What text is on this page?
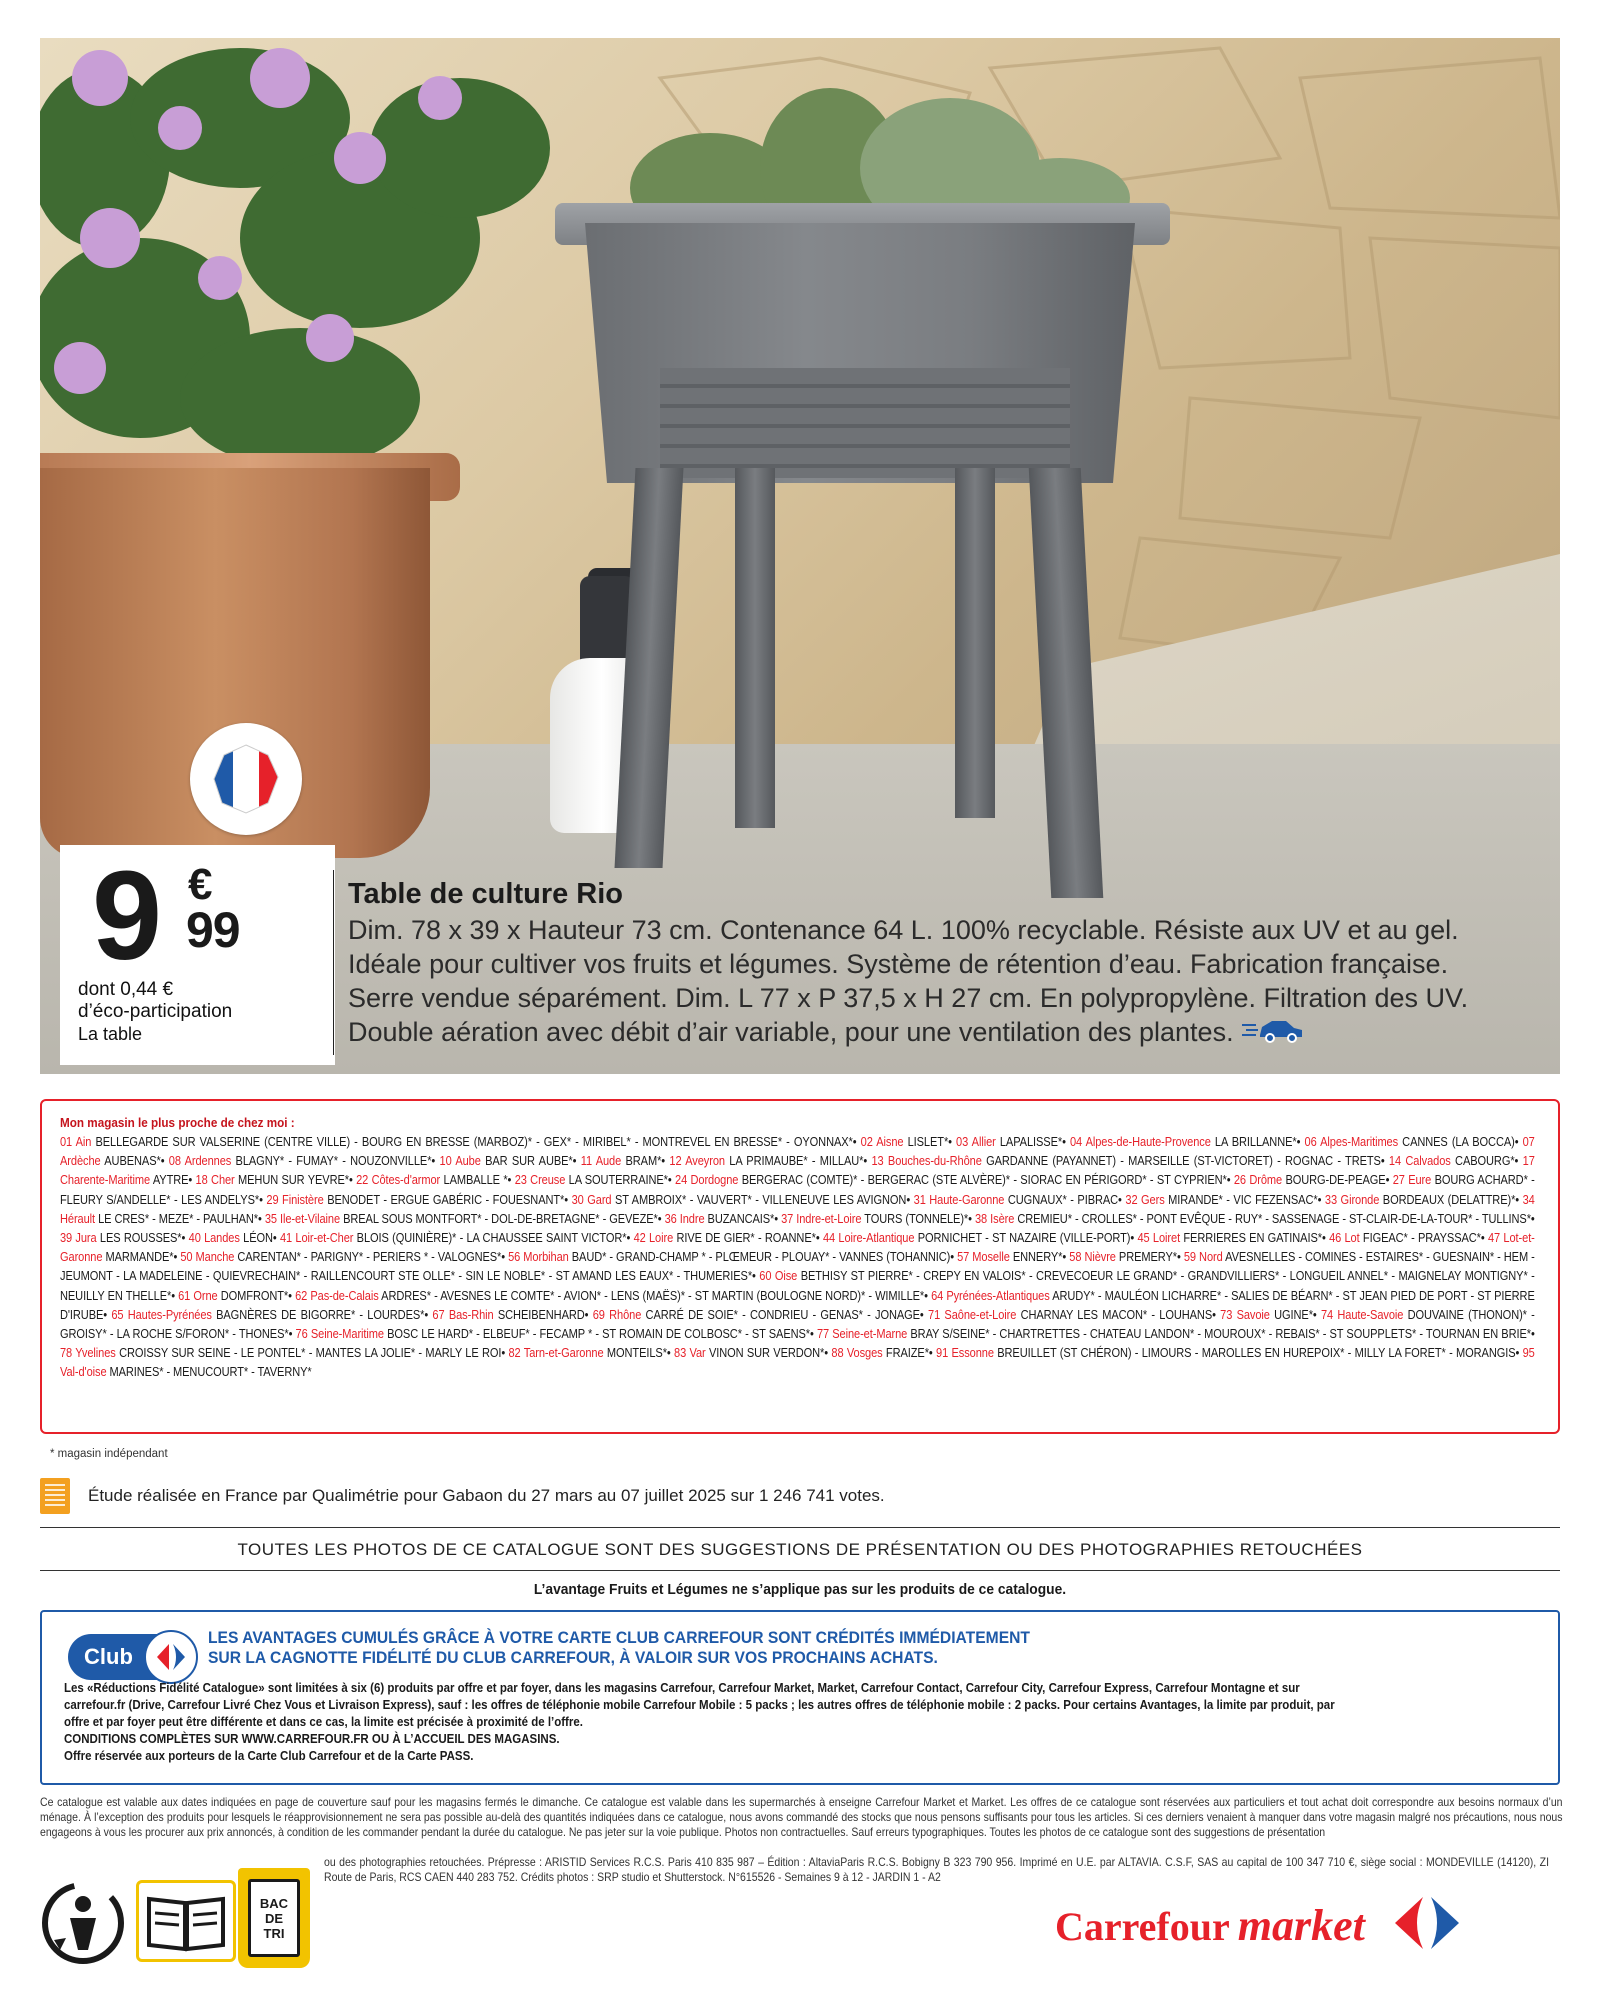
9 €
99
dont 0,44 €
d’éco-participation
La table
Table de culture Rio

Dim. 78 x 39 x Hauteur 73 cm. Contenance 64 L. 100% recyclable. Résiste aux UV et au gel.

Idéale pour cultiver vos fruits et légumes. Système de rétention d’eau. Fabrication française.

Serre vendue séparément. Dim. L 77 x P 37,5 x H 27 cm. En polypropylène. Filtration des UV.

Double aération avec débit d’air variable, pour une ventilation des plantes.

Mon magasin le plus proche de chez moi :
01 Ain BELLEGARDE SUR VALSERINE (CENTRE VILLE) - BOURG EN BRESSE (MARBOZ)* - GEX* - MIRIBEL* - MONTREVEL EN BRESSE* - OYONNAX*• 02 Aisne LISLET*• 03 Allier LAPALISSE*• 04 Alpes-de-Haute-Provence LA BRILLANNE*• 06 Alpes-Maritimes CANNES (LA BOCCA)• 07 Ardèche AUBENAS*• 08 Ardennes BLAGNY* - FUMAY* - NOUZONVILLE*• 10 Aube BAR SUR AUBE*• 11 Aude BRAM*• 12 Aveyron LA PRIMAUBE* - MILLAU*• 13 Bouches-du-Rhône GARDANNE (PAYANNET) - MARSEILLE (ST-VICTORET) - ROGNAC - TRETS• 14 Calvados CABOURG*• 17 Charente-Maritime AYTRE• 18 Cher MEHUN SUR YEVRE*• 22 Côtes-d'armor LAMBALLE *• 23 Creuse LA SOUTERRAINE*• 24 Dordogne BERGERAC (COMTE)* - BERGERAC (STE ALVÈRE)* - SIORAC EN PÉRIGORD* - ST CYPRIEN*• 26 Drôme BOURG-DE-PEAGE• 27 Eure BOURG ACHARD* - FLEURY S/ANDELLE* - LES ANDELYS*• 29 Finistère BENODET - ERGUE GABÉRIC - FOUESNANT*• 30 Gard ST AMBROIX* - VAUVERT* - VILLENEUVE LES AVIGNON• 31 Haute-Garonne CUGNAUX* - PIBRAC• 32 Gers MIRANDE* - VIC FEZENSAC*• 33 Gironde BORDEAUX (DELATTRE)*• 34 Hérault LE CRES* - MEZE* - PAULHAN*• 35 Ile-et-Vilaine BREAL SOUS MONTFORT* - DOL-DE-BRETAGNE* - GEVEZE*• 36 Indre BUZANCAIS*• 37 Indre-et-Loire TOURS (TONNELE)*• 38 Isère CREMIEU* - CROLLES* - PONT EVÊQUE - RUY* - SASSENAGE - ST-CLAIR-DE-LA-TOUR* - TULLINS*• 39 Jura LES ROUSSES*• 40 Landes LÉON• 41 Loir-et-Cher BLOIS (QUINIÈRE)* - LA CHAUSSEE SAINT VICTOR*• 42 Loire RIVE DE GIER* - ROANNE*• 44 Loire-Atlantique PORNICHET - ST NAZAIRE (VILLE-PORT)• 45 Loiret FERRIERES EN GATINAIS*• 46 Lot FIGEAC* - PRAYSSAC*• 47 Lot-et-Garonne MARMANDE*• 50 Manche CARENTAN* - PARIGNY* - PERIERS * - VALOGNES*• 56 Morbihan BAUD* - GRAND-CHAMP * - PLŒMEUR - PLOUAY* - VANNES (TOHANNIC)• 57 Moselle ENNERY*• 58 Nièvre PREMERY*• 59 Nord AVESNELLES - COMINES - ESTAIRES* - GUESNAIN* - HEM - JEUMONT - LA MADELEINE - QUIEVRECHAIN* - RAILLENCOURT STE OLLE* - SIN LE NOBLE* - ST AMAND LES EAUX* - THUMERIES*• 60 Oise BETHISY ST PIERRE* - CREPY EN VALOIS* - CREVECOEUR LE GRAND* - GRANDVILLIERS* - LONGUEIL ANNEL* - MAIGNELAY MONTIGNY* - NEUILLY EN THELLE*• 61 Orne DOMFRONT*• 62 Pas-de-Calais ARDRES* - AVESNES LE COMTE* - AVION* - LENS (MAËS)* - ST MARTIN (BOULOGNE NORD)* - WIMILLE*• 64 Pyrénées-Atlantiques ARUDY* - MAULÉON LICHARRE* - SALIES DE BÉARN* - ST JEAN PIED DE PORT - ST PIERRE D'IRUBE• 65 Hautes-Pyrénées BAGNÈRES DE BIGORRE* - LOURDES*• 67 Bas-Rhin SCHEIBENHARD• 69 Rhône CARRÉ DE SOIE* - CONDRIEU - GENAS* - JONAGE• 71 Saône-et-Loire CHARNAY LES MACON* - LOUHANS• 73 Savoie UGINE*• 74 Haute-Savoie DOUVAINE (THONON)* - GROISY* - LA ROCHE S/FORON* - THONES*• 76 Seine-Maritime BOSC LE HARD* - ELBEUF* - FECAMP * - ST ROMAIN DE COLBOSC* - ST SAENS*• 77 Seine-et-Marne BRAY S/SEINE* - CHARTRETTES - CHATEAU LANDON* - MOUROUX* - REBAIS* - ST SOUPPLETS* - TOURNAN EN BRIE*• 78 Yvelines CROISSY SUR SEINE - LE PONTEL* - MANTES LA JOLIE* - MARLY LE ROI• 82 Tarn-et-Garonne MONTEILS*• 83 Var VINON SUR VERDON*• 88 Vosges FRAIZE*• 91 Essonne BREUILLET (ST CHÉRON) - LIMOURS - MAROLLES EN HUREPOIX* - MILLY LA FORET* - MORANGIS• 95 Val-d'oise MARINES* - MENUCOURT* - TAVERNY*
* magasin indépendant
Étude réalisée en France par Qualimétrie pour Gabaon du 27 mars au 07 juillet 2025 sur 1 246 741 votes.
TOUTES LES PHOTOS DE CE CATALOGUE SONT DES SUGGESTIONS DE PRÉSENTATION OU DES PHOTOGRAPHIES RETOUCHÉES
L’avantage Fruits et Légumes ne s’applique pas sur les produits de ce catalogue.
Club
LES AVANTAGES CUMULÉS GRÂCE À VOTRE CARTE CLUB CARREFOUR SONT CRÉDITÉS IMMÉDIATEMENT
SUR LA CAGNOTTE FIDÉLITÉ DU CLUB CARREFOUR, À VALOIR SUR VOS PROCHAINS ACHATS.
Les «Réductions Fidélité Catalogue» sont limitées à six (6) produits par offre et par foyer, dans les magasins Carrefour, Carrefour Market, Market, Carrefour Contact, Carrefour City, Carrefour Express, Carrefour Montagne et sur
carrefour.fr (Drive, Carrefour Livré Chez Vous et Livraison Express), sauf : les offres de téléphonie mobile Carrefour Mobile : 5 packs ; les autres offres de téléphonie mobile : 2 packs. Pour certains Avantages, la limite par produit, par
offre et par foyer peut être différente et dans ce cas, la limite est précisée à proximité de l’offre.
CONDITIONS COMPLÈTES SUR WWW.CARREFOUR.FR OU À L’ACCUEIL DES MAGASINS.
Offre réservée aux porteurs de la Carte Club Carrefour et de la Carte PASS.
Ce catalogue est valable aux dates indiquées en page de couverture sauf pour les magasins fermés le dimanche. Ce catalogue est valable dans les supermarchés à enseigne Carrefour Market et Market. Les offres de ce catalogue sont réservées aux particuliers et tout achat doit correspondre aux besoins normaux d’un ménage. À l’exception des produits pour lesquels le réapprovisionnement ne sera pas possible au-delà des quantités indiquées dans ce catalogue, nous avons commandé des stocks que nous pensons suffisants pour tous les articles. Si ces derniers venaient à manquer dans votre magasin malgré nos précautions, nous nous engageons à vous les procurer aux prix annoncés, à condition de les commander pendant la durée du catalogue. Ne pas jeter sur la voie publique. Photos non contractuelles. Sauf erreurs typographiques. Toutes les photos de ce catalogue sont des suggestions de présentation
ou des photographies retouchées. Prépresse : ARISTID Services R.C.S. Paris 410 835 987 – Édition : AltaviaParis R.C.S. Bobigny B 323 790 956. Imprimé en U.E. par ALTAVIA. C.S.F, SAS au capital de 100 347 710 €, siège social : MONDEVILLE (14120), ZI Route de Paris, RCS CAEN 440 283 752. Crédits photos : SRP studio et Shutterstock. N°615526 - Semaines 9 à 12 - JARDIN 1 - A2
BAC
DE
TRI	Carrefour market
